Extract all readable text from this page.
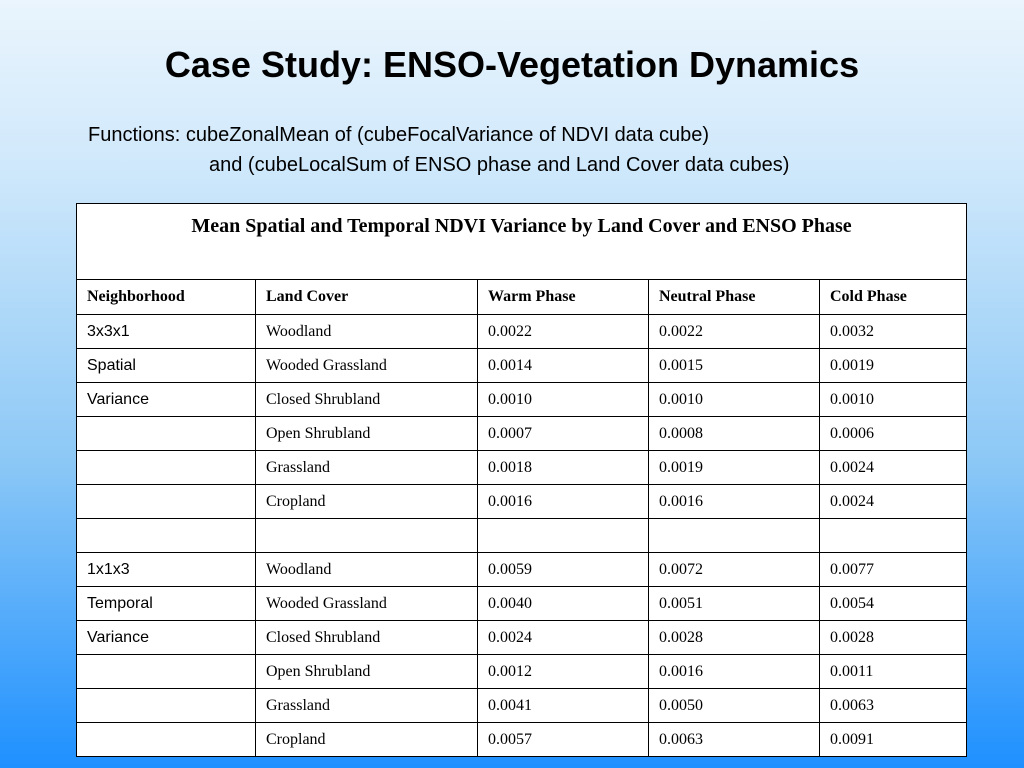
Case Study: ENSO-Vegetation Dynamics
Functions: cubeZonalMean of (cubeFocalVariance of NDVI data cube)
and (cubeLocalSum of ENSO phase and Land Cover data cubes)
Mean Spatial and Temporal NDVI Variance by Land Cover and ENSO Phase				
Neighborhood	Land Cover	Warm Phase	Neutral Phase	Cold Phase
3x3x1	Woodland	0.0022	0.0022	0.0032
Spatial	Wooded Grassland	0.0014	0.0015	0.0019
Variance	Closed Shrubland	0.0010	0.0010	0.0010
	Open Shrubland	0.0007	0.0008	0.0006
	Grassland	0.0018	0.0019	0.0024
	Cropland	0.0016	0.0016	0.0024

1x1x3	Woodland	0.0059	0.0072	0.0077
Temporal	Wooded Grassland	0.0040	0.0051	0.0054
Variance	Closed Shrubland	0.0024	0.0028	0.0028
	Open Shrubland	0.0012	0.0016	0.0011
	Grassland	0.0041	0.0050	0.0063
	Cropland	0.0057	0.0063	0.0091
